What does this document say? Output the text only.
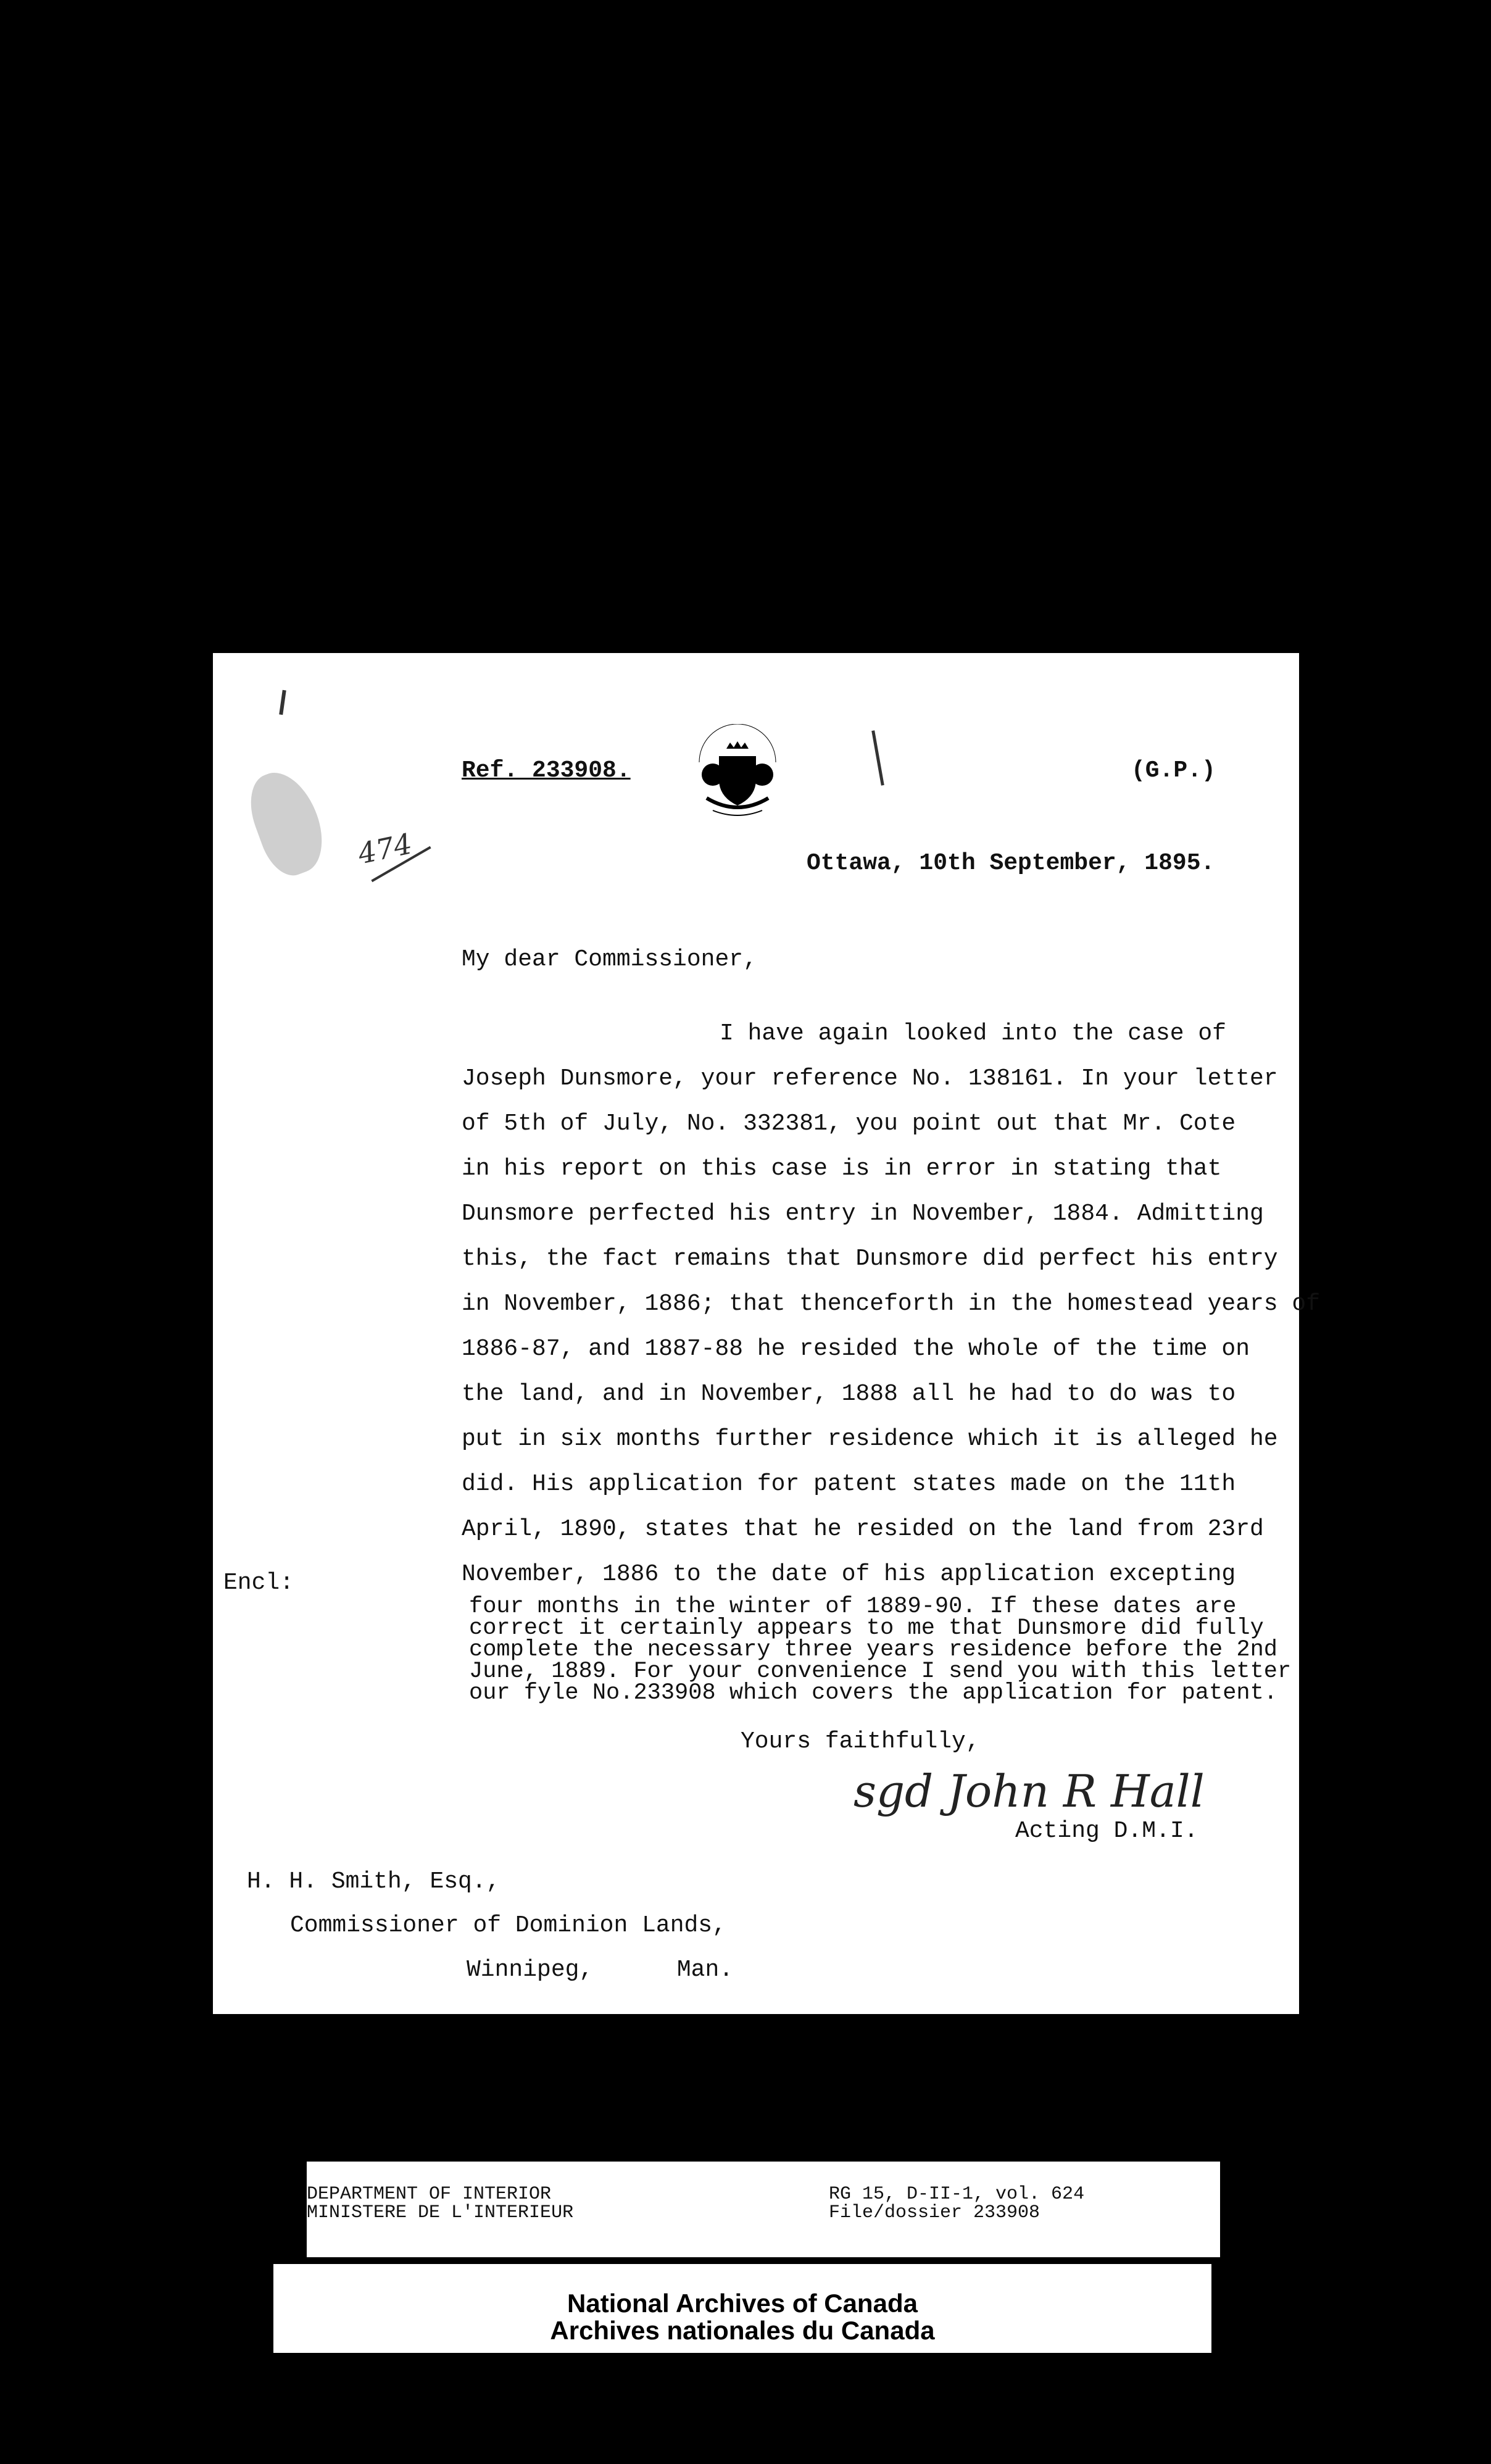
474
Ref. 233908.	(G.P.)
Ottawa, 10th September, 1895.
My dear Commissioner,
I have again looked into the case of
Joseph Dunsmore, your reference No. 138161. In your letter
of 5th of July, No. 332381, you point out that Mr. Cote
in his report on this case is in error in stating that
Dunsmore perfected his entry in November, 1884. Admitting
this, the fact remains that Dunsmore did perfect his entry
in November, 1886; that thenceforth in the homestead years of
1886-87, and 1887-88 he resided the whole of the time on
the land, and in November, 1888 all he had to do was to
put in six months further residence which it is alleged he
did. His application for patent states made on the 11th
April, 1890, states that he resided on the land from 23rd
November, 1886 to the date of his application excepting
Encl:
four months in the winter of 1889-90. If these dates are
correct it certainly appears to me that Dunsmore did fully
complete the necessary three years residence before the 2nd
June, 1889. For your convenience I send you with this letter
our fyle No.233908 which covers the application for patent.
Yours faithfully,
sgd John R Hall
Acting D.M.I.
H. H. Smith, Esq.,
Commissioner of Dominion Lands,
Winnipeg,	Man.
DEPARTMENT OF INTERIOR
MINISTERE DE L'INTERIEUR
RG 15, D-II-1, vol. 624
File/dossier 233908
National Archives of Canada
Archives nationales du Canada
